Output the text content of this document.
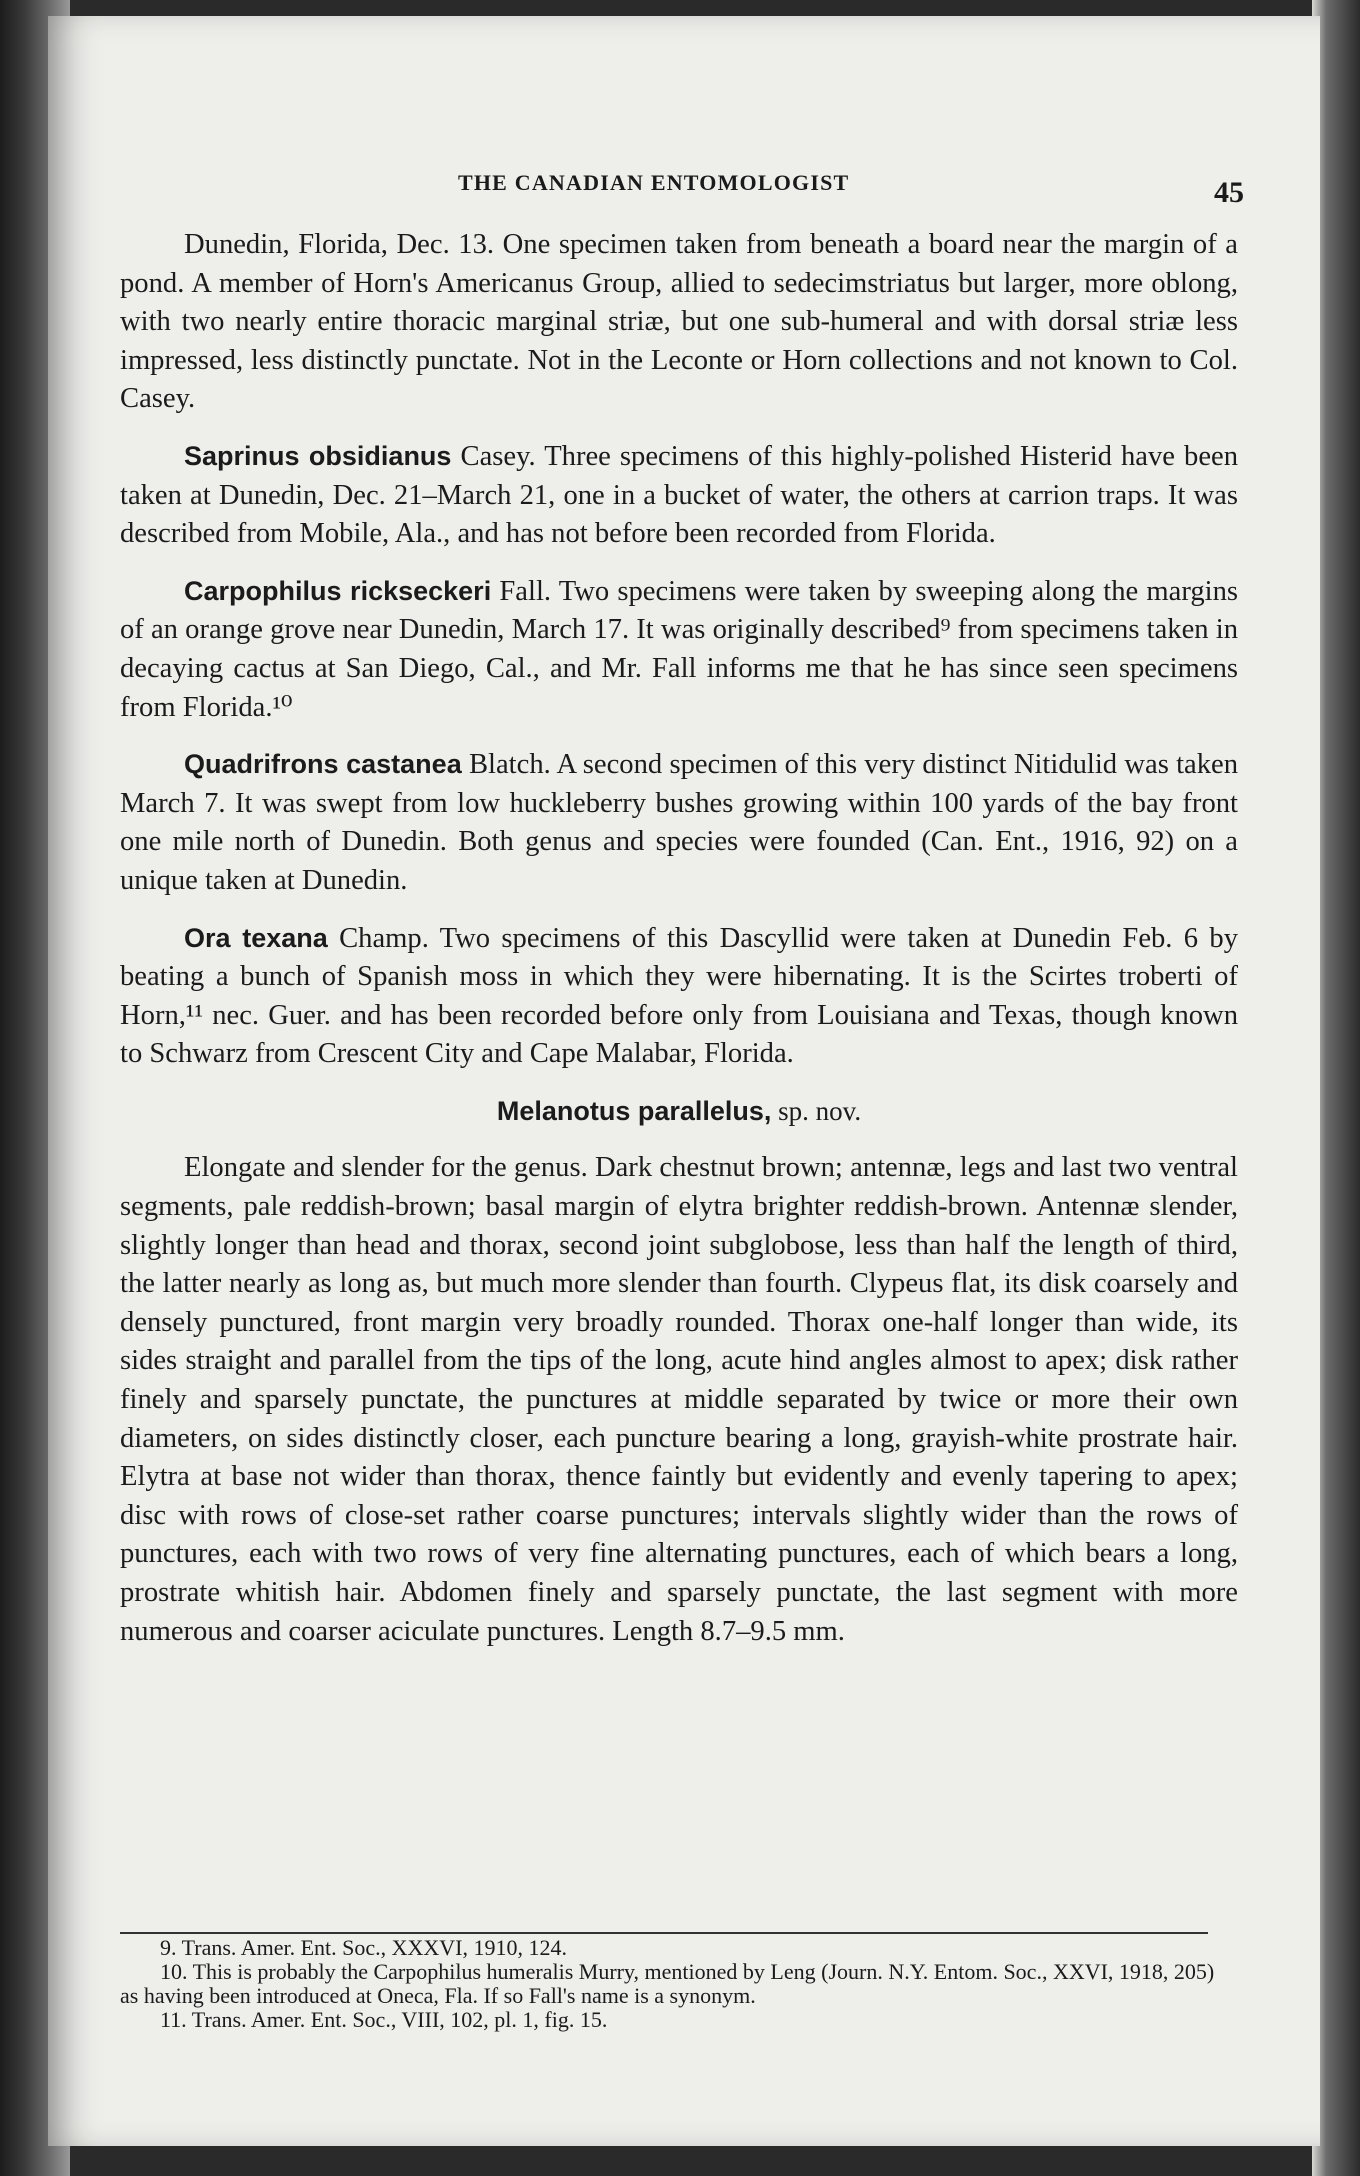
THE CANADIAN ENTOMOLOGIST	45

Dunedin, Florida, Dec. 13. One specimen taken from beneath a board near the margin of a pond. A member of Horn's Americanus Group, allied to sedecimstriatus but larger, more oblong, with two nearly entire thoracic marginal striæ, but one sub-humeral and with dorsal striæ less impressed, less distinctly punctate. Not in the Leconte or Horn collections and not known to Col. Casey.

Saprinus obsidianus Casey. Three specimens of this highly-polished Histerid have been taken at Dunedin, Dec. 21–March 21, one in a bucket of water, the others at carrion traps. It was described from Mobile, Ala., and has not before been recorded from Florida.

Carpophilus rickseckeri Fall. Two specimens were taken by sweeping along the margins of an orange grove near Dunedin, March 17. It was originally described⁹ from specimens taken in decaying cactus at San Diego, Cal., and Mr. Fall informs me that he has since seen specimens from Florida.¹⁰

Quadrifrons castanea Blatch. A second specimen of this very distinct Nitidulid was taken March 7. It was swept from low huckleberry bushes growing within 100 yards of the bay front one mile north of Dunedin. Both genus and species were founded (Can. Ent., 1916, 92) on a unique taken at Dunedin.

Ora texana Champ. Two specimens of this Dascyllid were taken at Dunedin Feb. 6 by beating a bunch of Spanish moss in which they were hibernating. It is the Scirtes troberti of Horn,¹¹ nec. Guer. and has been recorded before only from Louisiana and Texas, though known to Schwarz from Crescent City and Cape Malabar, Florida.

Melanotus parallelus, sp. nov.

Elongate and slender for the genus. Dark chestnut brown; antennæ, legs and last two ventral segments, pale reddish-brown; basal margin of elytra brighter reddish-brown. Antennæ slender, slightly longer than head and thorax, second joint subglobose, less than half the length of third, the latter nearly as long as, but much more slender than fourth. Clypeus flat, its disk coarsely and densely punctured, front margin very broadly rounded. Thorax one-half longer than wide, its sides straight and parallel from the tips of the long, acute hind angles almost to apex; disk rather finely and sparsely punctate, the punctures at middle separated by twice or more their own diameters, on sides distinctly closer, each puncture bearing a long, grayish-white prostrate hair. Elytra at base not wider than thorax, thence faintly but evidently and evenly tapering to apex; disc with rows of close-set rather coarse punctures; intervals slightly wider than the rows of punctures, each with two rows of very fine alternating punctures, each of which bears a long, prostrate whitish hair. Abdomen finely and sparsely punctate, the last segment with more numerous and coarser aciculate punctures. Length 8.7–9.5 mm.

9. Trans. Amer. Ent. Soc., XXXVI, 1910, 124.
10. This is probably the Carpophilus humeralis Murry, mentioned by Leng (Journ. N.Y. Entom. Soc., XXVI, 1918, 205) as having been introduced at Oneca, Fla. If so Fall's name is a synonym.
11. Trans. Amer. Ent. Soc., VIII, 102, pl. 1, fig. 15.
